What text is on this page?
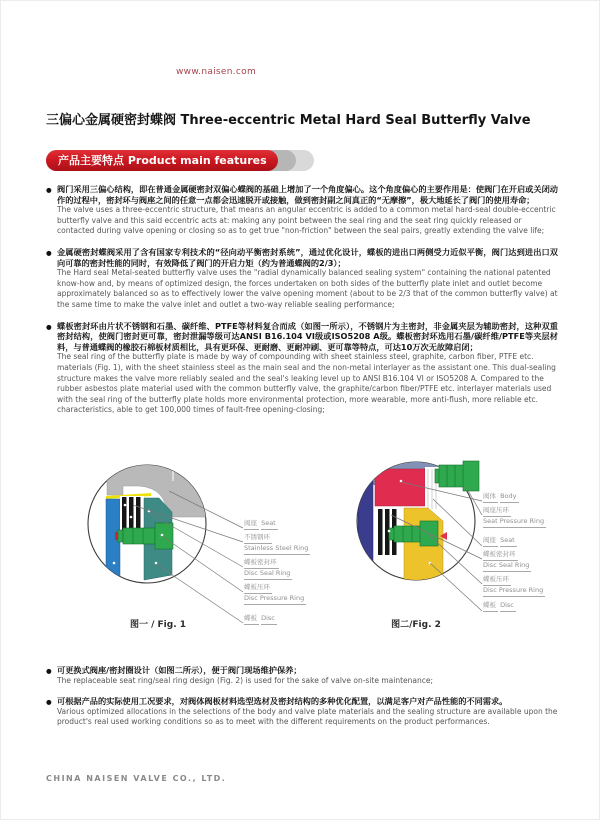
www.naisen.com
三偏心金属硬密封蝶阀 Three-eccentric Metal Hard Seal Butterfly Valve
产品主要特点 Product main features
● 阀门采用三偏心结构，即在普通金属硬密封双偏心蝶阀的基础上增加了一个角度偏心。这个角度偏心的主要作用是：使阀门在开启或关闭动作的过程中，密封环与阀座之间的任意一点都会迅速脱开或接触，做到密封副之间真正的“无摩擦”，极大地延长了阀门的使用寿命；

The valve uses a three-eccentric structure, that means an angular eccentric is added to a common metal hard-seal double-eccentric butterfly valve and this said eccentric acts at: making any point between the seal ring and the seat ring quickly released or contacted during valve opening or closing so as to get true "non-friction" between the seal pairs, greatly extending the valve life;

● 金属硬密封蝶阀采用了含有国家专利技术的“径向动平衡密封系统”，通过优化设计，蝶板的进出口两侧受力近似平衡，阀门达到进出口双向可靠的密封性能的同时，有效降低了阀门的开启力矩（约为普通蝶阀的2/3）；

The Hard seal Metal-seated butterfly valve uses the "radial dynamically balanced sealing system" containing the national patented know-how and, by means of optimized design, the forces undertaken on both sides of the butterfly plate inlet and outlet become approximately balanced so as to effectively lower the valve opening moment (about to be 2/3 that of the common butterfly valve) at the same time to make the valve inlet and outlet a two-way reliable sealing performance;

● 蝶板密封环由片状不锈钢和石墨、碳纤维、PTFE等材料复合而成（如图一所示），不锈钢片为主密封，非金属夹层为辅助密封，这种双重密封结构，使阀门密封更可靠，密封泄漏等级可达ANSI B16.104 VI级或ISO5208 A级。蝶板密封环选用石墨/碳纤维/PTFE等夹层材料，与普通蝶阀的橡胶石棉板材质相比，具有更环保、更耐磨、更耐冲刷、更可靠等特点，可达10万次无故障启闭；

The seal ring of the butterfly plate is made by way of compounding with sheet stainless steel, graphite, carbon fiber, PTFE etc. materials (Fig. 1), with the sheet stainless steel as the main seal and the non-metal interlayer as the assistant one. This dual-sealing structure makes the valve more reliably sealed and the seal's leaking level up to ANSI B16.104 VI or ISO5208 A. Compared to the rubber asbestos plate material used with the common butterfly valve, the graphite/carbon fiber/PTFE etc. interlayer materials used with the seal ring of the butterfly plate holds more environmental protection, more wearable, more anti-flush, more reliable etc. characteristics, able to get 100,000 times of fault-free opening-closing;

阀座 Seat
不锈钢环
Stainless Steel Ring
蝶板密封环
Disc Seal Ring
蝶板压环
Disc Pressure Ring
蝶板 Disc
图一 / Fig. 1
阀体 Body
阀座压环
Seat Pressure Ring
阀座 Seat
蝶板密封环
Disc Seal Ring
蝶板压环
Disc Pressure Ring
蝶板 Disc
图二/Fig. 2
● 可更换式阀座/密封圈设计（如图二所示），便于阀门现场维护保养；

The replaceable seat ring/seal ring design (Fig. 2) is used for the sake of valve on-site maintenance;

● 可根据产品的实际使用工况要求，对阀体阀板材料选型选材及密封结构的多种优化配置，以满足客户对产品性能的不同需求。

Various optimized allocations in the selections of the body and valve plate materials and the sealing structure are available upon the product's real used working conditions so as to meet with the different requirements on the product performances.

CHINA NAISEN VALVE CO., LTD.
